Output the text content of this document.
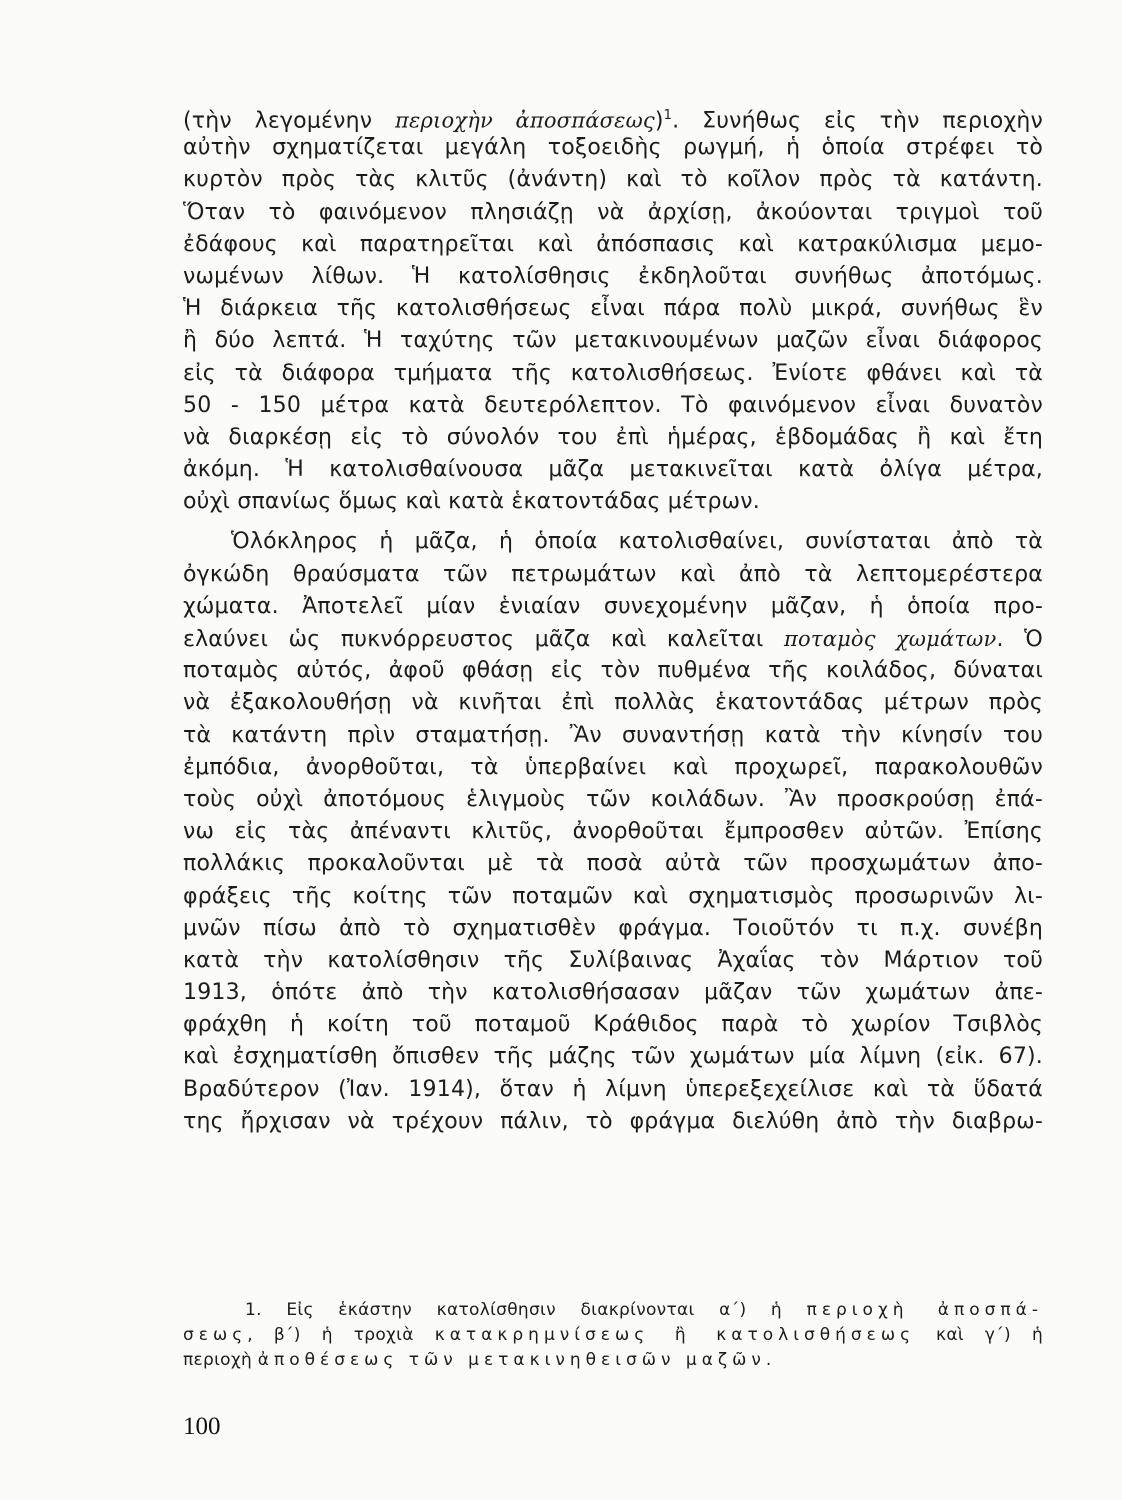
(τὴν λεγομένην περιοχὴν ἀποσπάσεως)$^1$. Συνήθως εἰς τὴν περιοχὴν
αὐτὴν σχηματίζεται μεγάλη τοξοειδὴς ρωγμή, ἡ ὁποία στρέφει τὸ
κυρτὸν πρὸς τὰς κλιτῦς (ἀνάντη) καὶ τὸ κοῖλον πρὸς τὰ κατάντη.
Ὅταν τὸ φαινόμενον πλησιάζῃ νὰ ἀρχίσῃ, ἀκούονται τριγμοὶ τοῦ
ἐδάφους καὶ παρατηρεῖται καὶ ἀπόσπασις καὶ κατρακύλισμα μεμο-
νωμένων λίθων. Ἡ κατολίσθησις ἐκδηλοῦται συνήθως ἀποτόμως.
Ἡ διάρκεια τῆς κατολισθήσεως εἶναι πάρα πολὺ μικρά, συνήθως ἓν
ἢ δύο λεπτά. Ἡ ταχύτης τῶν μετακινουμένων μαζῶν εἶναι διάφορος
εἰς τὰ διάφορα τμήματα τῆς κατολισθήσεως. Ἐνίοτε φθάνει καὶ τὰ
50 - 150 μέτρα κατὰ δευτερόλεπτον. Τὸ φαινόμενον εἶναι δυνατὸν
νὰ διαρκέσῃ εἰς τὸ σύνολόν του ἐπὶ ἡμέρας, ἑβδομάδας ἢ καὶ ἔτη
ἀκόμη. Ἡ κατολισθαίνουσα μᾶζα μετακινεῖται κατὰ ὀλίγα μέτρα,
οὐχὶ σπανίως ὅμως καὶ κατὰ ἑκατοντάδας μέτρων.
Ὁλόκληρος ἡ μᾶζα, ἡ ὁποία κατολισθαίνει, συνίσταται ἀπὸ τὰ
ὀγκώδη θραύσματα τῶν πετρωμάτων καὶ ἀπὸ τὰ λεπτομερέστερα
χώματα. Ἀποτελεῖ μίαν ἑνιαίαν συνεχομένην μᾶζαν, ἡ ὁποία προ-
ελαύνει ὡς πυκνόρρευστος μᾶζα καὶ καλεῖται ποταμὸς χωμάτων. Ὁ
ποταμὸς αὐτός, ἀφοῦ φθάσῃ εἰς τὸν πυθμένα τῆς κοιλάδος, δύναται
νὰ ἐξακολουθήσῃ νὰ κινῆται ἐπὶ πολλὰς ἑκατοντάδας μέτρων πρὸς
τὰ κατάντη πρὶν σταματήσῃ. Ἂν συναντήσῃ κατὰ τὴν κίνησίν του
ἐμπόδια, ἀνορθοῦται, τὰ ὑπερβαίνει καὶ προχωρεῖ, παρακολουθῶν
τοὺς οὐχὶ ἀποτόμους ἑλιγμοὺς τῶν κοιλάδων. Ἂν προσκρούσῃ ἐπά-
νω εἰς τὰς ἀπέναντι κλιτῦς, ἀνορθοῦται ἔμπροσθεν αὐτῶν. Ἐπίσης
πολλάκις προκαλοῦνται μὲ τὰ ποσὰ αὐτὰ τῶν προσχωμάτων ἀπο-
φράξεις τῆς κοίτης τῶν ποταμῶν καὶ σχηματισμὸς προσωρινῶν λι-
μνῶν πίσω ἀπὸ τὸ σχηματισθὲν φράγμα. Τοιοῦτόν τι π.χ. συνέβη
κατὰ τὴν κατολίσθησιν τῆς Συλίβαινας Ἀχαΐας τὸν Μάρτιον τοῦ
1913, ὁπότε ἀπὸ τὴν κατολισθήσασαν μᾶζαν τῶν χωμάτων ἀπε-
φράχθη ἡ κοίτη τοῦ ποταμοῦ Κράθιδος παρὰ τὸ χωρίον Τσιβλὸς
καὶ ἐσχηματίσθη ὄπισθεν τῆς μάζης τῶν χωμάτων μία λίμνη (εἰκ. 67).
Βραδύτερον (Ἰαν. 1914), ὅταν ἡ λίμνη ὑπερεξεχείλισε καὶ τὰ ὕδατά
της ἤρχισαν νὰ τρέχουν πάλιν, τὸ φράγμα διελύθη ἀπὸ τὴν διαβρω-
1. Εἰς ἑκάστην κατολίσθησιν διακρίνονται α΄) ἡ περιοχὴ ἀποσπά-
σεως, β΄) ἡ τροχιὰ κατακρημνίσεως ἢ κατολισθήσεως καὶ γ΄) ἡ
περιοχὴ ἀποθέσεως τῶν μετακινηθεισῶν μαζῶν.
100
